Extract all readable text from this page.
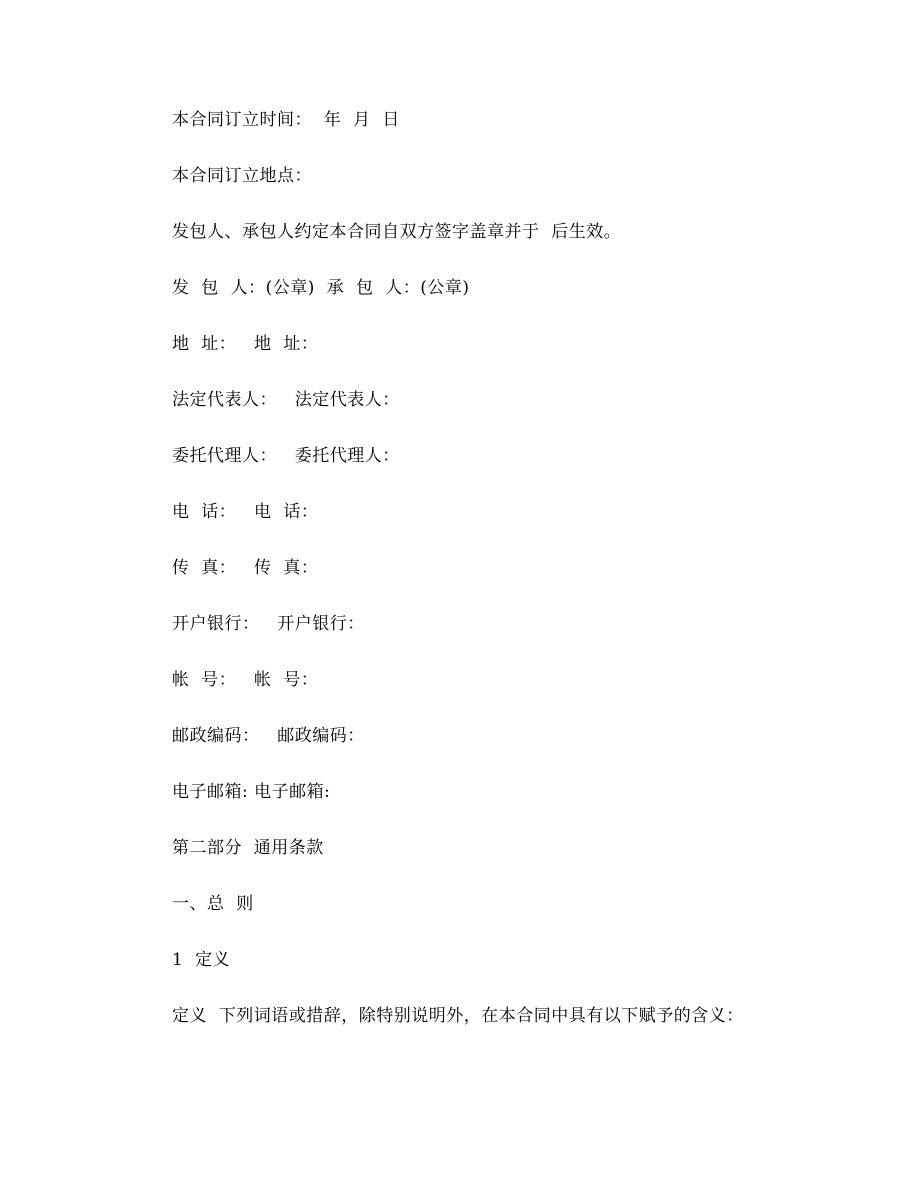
本合同订立时间：  年  月  日
本合同订立地点：
发包人、承包人约定本合同自双方签字盖章并于  后生效。
发  包  人：(公章)  承  包  人：(公章)
地  址：   地  址：
法定代表人：   法定代表人：
委托代理人：   委托代理人：
电  话：   电  话：
传  真：   传  真：
开户银行：   开户银行：
帐  号：   帐  号：
邮政编码：   邮政编码：
电子邮箱: 电子邮箱:
第二部分  通用条款
一、总  则
1  定义
定义  下列词语或措辞，除特别说明外，在本合同中具有以下赋予的含义：
